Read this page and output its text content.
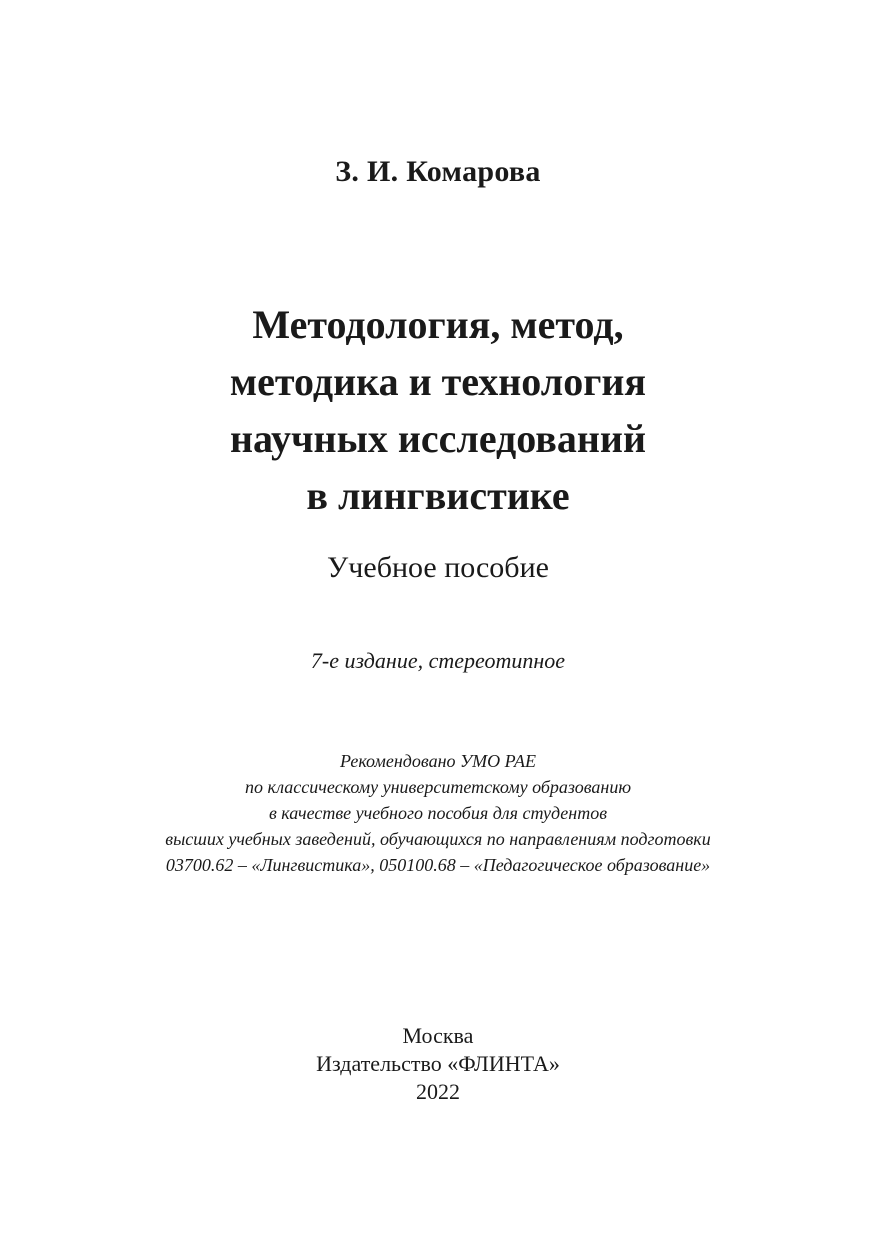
З. И. Комарова
Методология, метод,
методика и технология
научных исследований
в лингвистике
Учебное пособие
7-е издание, стереотипное
Рекомендовано УМО РАЕ
по классическому университетскому образованию
в качестве учебного пособия для студентов
высших учебных заведений, обучающихся по направлениям подготовки
03700.62 – «Лингвистика», 050100.68 – «Педагогическое образование»
Москва
Издательство «ФЛИНТА»
2022
